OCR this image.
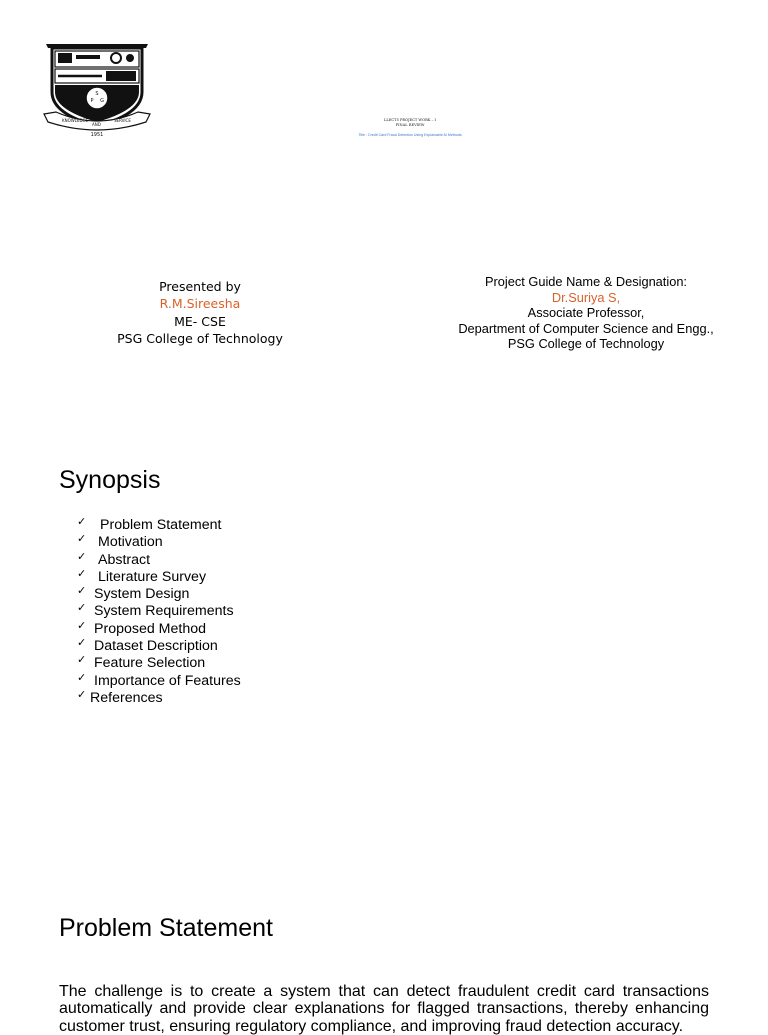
S
P G
KNOWLEDGE
AND
SERVICE
1951
LLECT5 PROJECT WORK – I
FINAL REVIEW
Title : Credit Card Fraud Detection Using Explainable AI Methods
Presented by
R.M.Sireesha
ME- CSE
PSG College of Technology
Project Guide Name & Designation:
Dr.Suriya S,
Associate Professor,
Department of Computer Science and Engg.,
PSG College of Technology
Synopsis
✓ Problem Statement
✓ Motivation
✓ Abstract
✓ Literature Survey
✓ System Design
✓ System Requirements
✓ Proposed Method
✓ Dataset Description
✓ Feature Selection
✓ Importance of Features
✓ References
Problem Statement

The challenge is to create a system that can detect fraudulent credit card transactions automatically and provide clear explanations for flagged transactions, thereby enhancing customer trust, ensuring regulatory compliance, and improving fraud detection accuracy.
